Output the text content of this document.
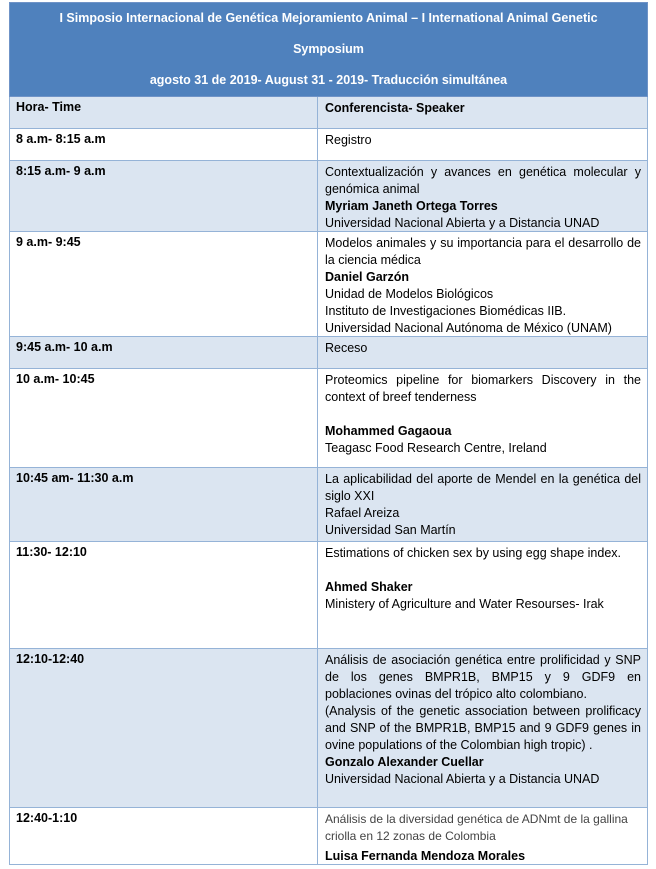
I Simposio Internacional de Genética Mejoramiento Animal – I International Animal Genetic
Symposium
agosto 31 de 2019- August 31 - 2019- Traducción simultánea
Hora- Time	Conferencista- Speaker
8 a.m- 8:15 a.m	Registro
8:15 a.m- 9 a.m	Contextualización y avances en genética molecular y genómica animal

Myriam Janeth Ortega Torres

Universidad Nacional Abierta y a Distancia UNAD

9 a.m- 9:45	Modelos animales y su importancia para el desarrollo de la ciencia médica

Daniel Garzón

Unidad de Modelos Biológicos

Instituto de Investigaciones Biomédicas IIB.

Universidad Nacional Autónoma de México (UNAM)

9:45 a.m- 10 a.m	Receso
10 a.m- 10:45	Proteomics pipeline for biomarkers Discovery in the context of breef tenderness

Mohammed Gagaoua

Teagasc Food Research Centre, Ireland

10:45 am- 11:30 a.m	La aplicabilidad del aporte de Mendel en la genética del siglo XXI

Rafael Areiza

Universidad San Martín

11:30- 12:10	Estimations of chicken sex by using egg shape index.

Ahmed Shaker

Ministery of Agriculture and Water Resourses- Irak

12:10-12:40	Análisis de asociación genética entre prolificidad y SNP de los genes BMPR1B, BMP15 y 9 GDF9 en poblaciones ovinas del trópico alto colombiano.

(Analysis of the genetic association between prolificacy and SNP of the BMPR1B, BMP15 and 9 GDF9 genes in ovine populations of the Colombian high tropic) .

Gonzalo Alexander Cuellar

Universidad Nacional Abierta y a Distancia UNAD

12:40-1:10	Análisis de la diversidad genética de ADNmt de la gallina criolla en 12 zonas de Colombia

Luisa Fernanda Mendoza Morales
